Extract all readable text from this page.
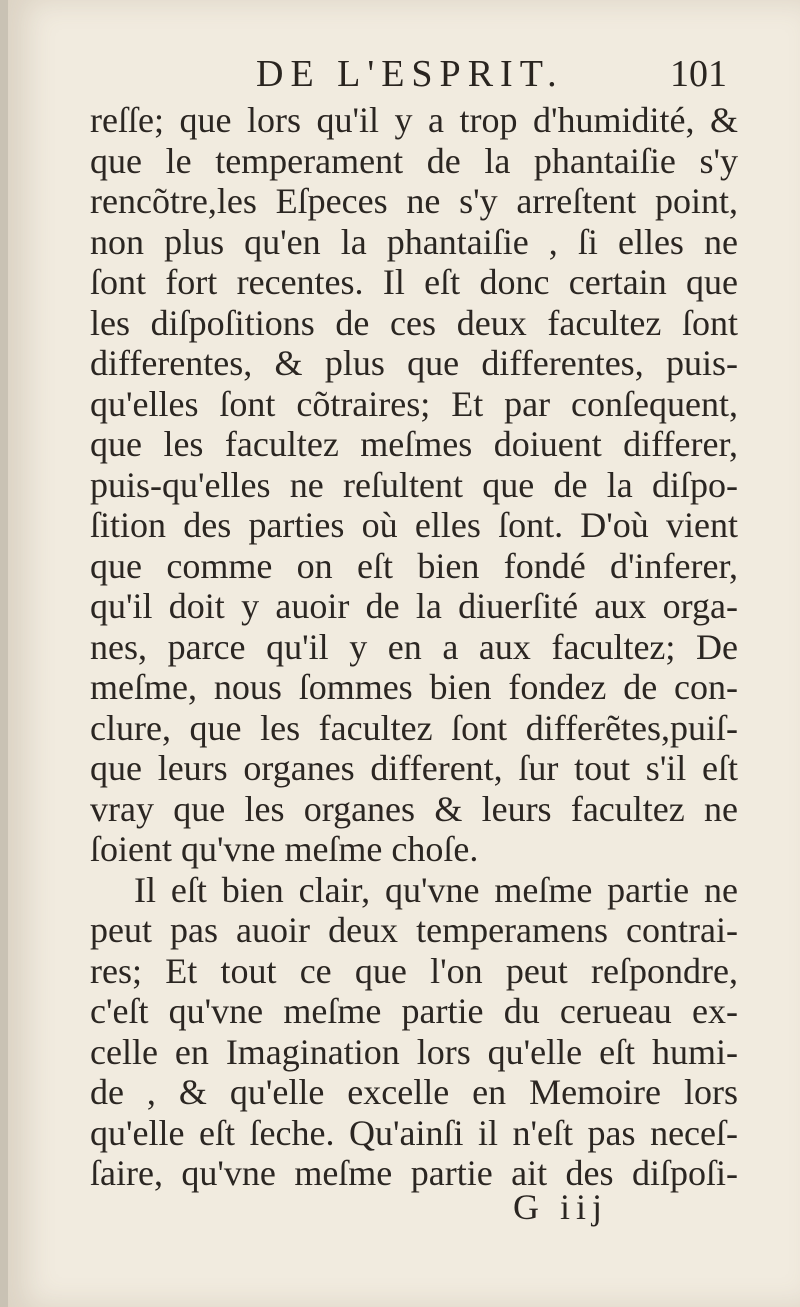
DE L'ESPRIT.	101
reſſe; que lors qu'il y a trop d'humidité, &
que le temperament de la phantaiſie s'y
rencõtre,les Eſpeces ne s'y arreſtent point,
non plus qu'en la phantaiſie , ſi elles ne
ſont fort recentes. Il eſt donc certain que
les diſpoſitions de ces deux facultez ſont
differentes, & plus que differentes, puis-
qu'elles ſont cõtraires; Et par conſequent,
que les facultez meſmes doiuent differer,
puis-qu'elles ne reſultent que de la diſpo-
ſition des parties où elles ſont. D'où vient
que comme on eſt bien fondé d'inferer,
qu'il doit y auoir de la diuerſité aux orga-
nes, parce qu'il y en a aux facultez; De
meſme, nous ſommes bien fondez de con-
clure, que les facultez ſont differẽtes,puiſ-
que leurs organes different, ſur tout s'il eſt
vray que les organes & leurs facultez ne
ſoient qu'vne meſme choſe.
Il eſt bien clair, qu'vne meſme partie ne
peut pas auoir deux temperamens contrai-
res; Et tout ce que l'on peut reſpondre,
c'eſt qu'vne meſme partie du cerueau ex-
celle en Imagination lors qu'elle eſt humi-
de , & qu'elle excelle en Memoire lors
qu'elle eſt ſeche. Qu'ainſi il n'eſt pas neceſ-
ſaire, qu'vne meſme partie ait des diſpoſi-
G iij
